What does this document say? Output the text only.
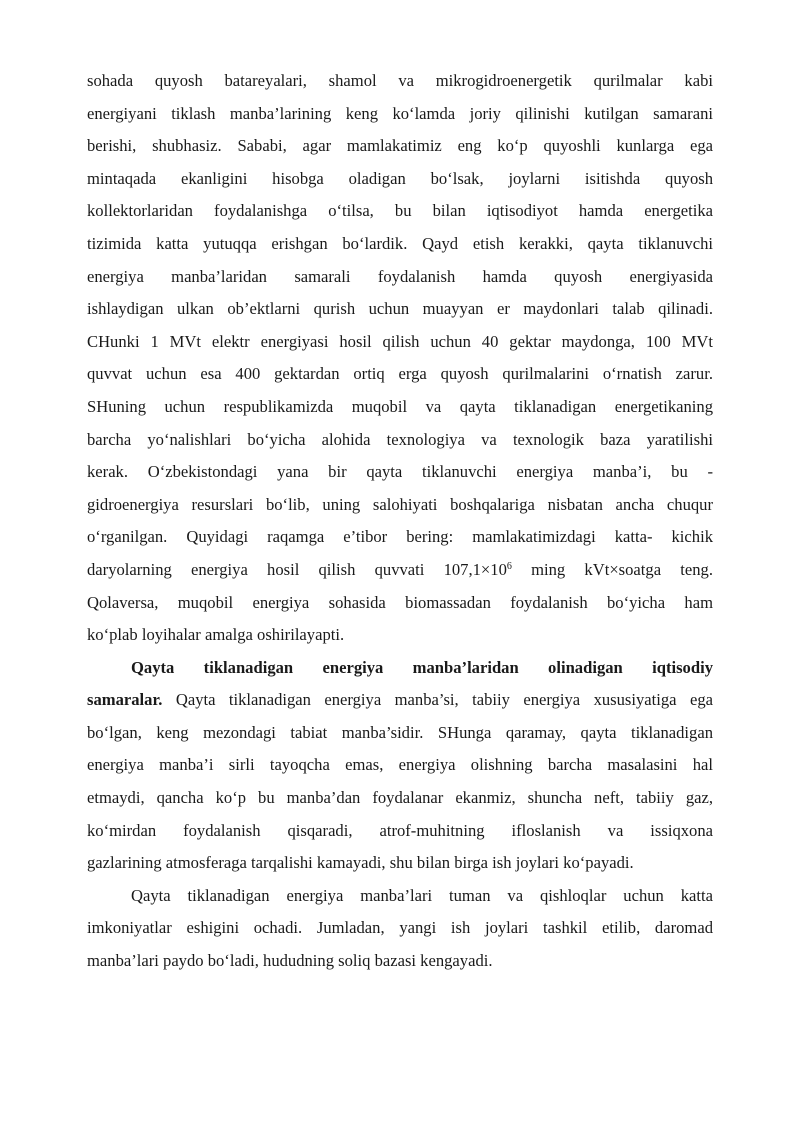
sohada quyosh batareyalari, shamol va mikrogidroenergetik qurilmalar kabi
energiyani tiklash manba’larining keng ko‘lamda joriy qilinishi kutilgan samarani
berishi, shubhasiz. Sababi, agar mamlakatimiz eng ko‘p quyoshli kunlarga ega
mintaqada ekanligini hisobga oladigan bo‘lsak, joylarni isitishda quyosh
kollektorlaridan foydalanishga o‘tilsa, bu bilan iqtisodiyot hamda energetika
tizimida katta yutuqqa erishgan bo‘lardik. Qayd etish kerakki, qayta tiklanuvchi
energiya manba’laridan samarali foydalanish hamda quyosh energiyasida
ishlaydigan ulkan ob’ektlarni qurish uchun muayyan er maydonlari talab qilinadi.
CHunki 1 MVt elektr energiyasi hosil qilish uchun 40 gektar maydonga, 100 MVt
quvvat uchun esa 400 gektardan ortiq erga quyosh qurilmalarini o‘rnatish zarur.
SHuning uchun respublikamizda muqobil va qayta tiklanadigan energetikaning
barcha yo‘nalishlari bo‘yicha alohida texnologiya va texnologik baza yaratilishi
kerak. O‘zbekistondagi yana bir qayta tiklanuvchi energiya manba’i, bu -
gidroenergiya resurslari bo‘lib, uning salohiyati boshqalariga nisbatan ancha chuqur
o‘rganilgan. Quyidagi raqamga e’tibor bering: mamlakatimizdagi katta- kichik
daryolarning energiya hosil qilish quvvati $107,1\times 10^6$ ming kVt×soatga teng.
Qolaversa, muqobil energiya sohasida biomassadan foydalanish bo‘yicha ham
ko‘plab loyihalar amalga oshirilayapti.
Qayta tiklanadigan energiya manba’laridan olinadigan iqtisodiy
samaralar. Qayta tiklanadigan energiya manba’si, tabiiy energiya xususiyatiga ega
bo‘lgan, keng mezondagi tabiat manba’sidir. SHunga qaramay, qayta tiklanadigan
energiya manba’i sirli tayoqcha emas, energiya olishning barcha masalasini hal
etmaydi, qancha ko‘p bu manba’dan foydalanar ekanmiz, shuncha neft, tabiiy gaz,
ko‘mirdan foydalanish qisqaradi, atrof-muhitning ifloslanish va issiqxona
gazlarining atmosferaga tarqalishi kamayadi, shu bilan birga ish joylari ko‘payadi.
Qayta tiklanadigan energiya manba’lari tuman va qishloqlar uchun katta
imkoniyatlar eshigini ochadi. Jumladan, yangi ish joylari tashkil etilib, daromad
manba’lari paydo bo‘ladi, hududning soliq bazasi kengayadi.
